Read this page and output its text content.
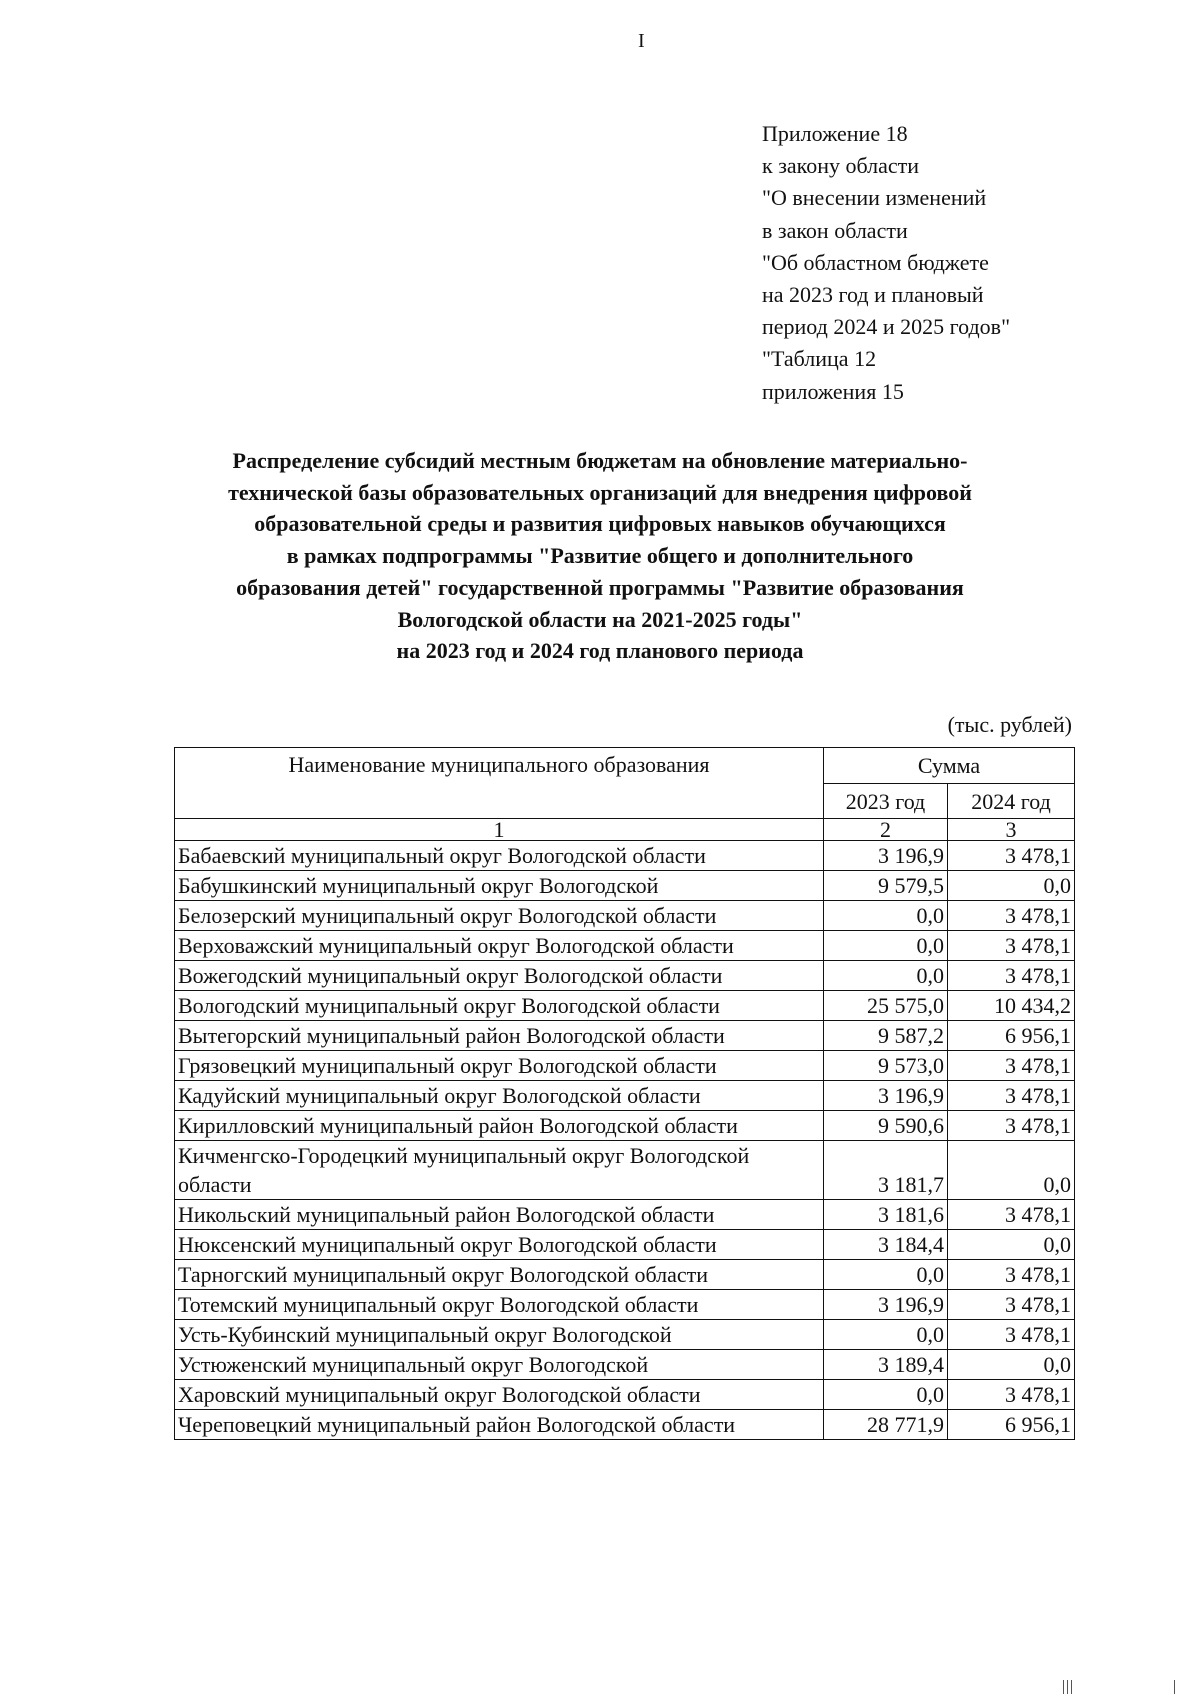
I
Приложение 18
к закону области
"О внесении изменений
в закон области
"Об областном бюджете
на 2023 год и плановый
период 2024 и 2025 годов"
"Таблица 12
приложения 15
Распределение субсидий местным бюджетам на обновление материально-
технической базы образовательных организаций для внедрения цифровой
образовательной среды и развития цифровых навыков обучающихся
в рамках подпрограммы "Развитие общего и дополнительного
образования детей" государственной программы "Развитие образования
Вологодской области на 2021-2025 годы"
на 2023 год и 2024 год планового периода
(тыс. рублей)
Наименование муниципального образования	Сумма	
	2023 год	2024 год
1	2	3
Бабаевский муниципальный округ Вологодской области	3 196,9	3 478,1
Бабушкинский муниципальный округ Вологодской	9 579,5	0,0
Белозерский муниципальный округ Вологодской области	0,0	3 478,1
Верховажский муниципальный округ Вологодской области	0,0	3 478,1
Вожегодский муниципальный округ Вологодской области	0,0	3 478,1
Вологодский муниципальный округ Вологодской области	25 575,0	10 434,2
Вытегорский муниципальный район Вологодской области	9 587,2	6 956,1
Грязовецкий муниципальный округ Вологодской области	9 573,0	3 478,1
Кадуйский муниципальный округ Вологодской области	3 196,9	3 478,1
Кирилловский муниципальный район Вологодской области	9 590,6	3 478,1
Кичменгско-Городецкий муниципальный округ Вологодской области	3 181,7	0,0
Никольский муниципальный район Вологодской области	3 181,6	3 478,1
Нюксенский муниципальный округ Вологодской области	3 184,4	0,0
Тарногский муниципальный округ Вологодской области	0,0	3 478,1
Тотемский муниципальный округ Вологодской области	3 196,9	3 478,1
Усть-Кубинский муниципальный округ Вологодской	0,0	3 478,1
Устюженский муниципальный округ Вологодской	3 189,4	0,0
Харовский муниципальный округ Вологодской области	0,0	3 478,1
Череповецкий муниципальный район Вологодской области	28 771,9	6 956,1
